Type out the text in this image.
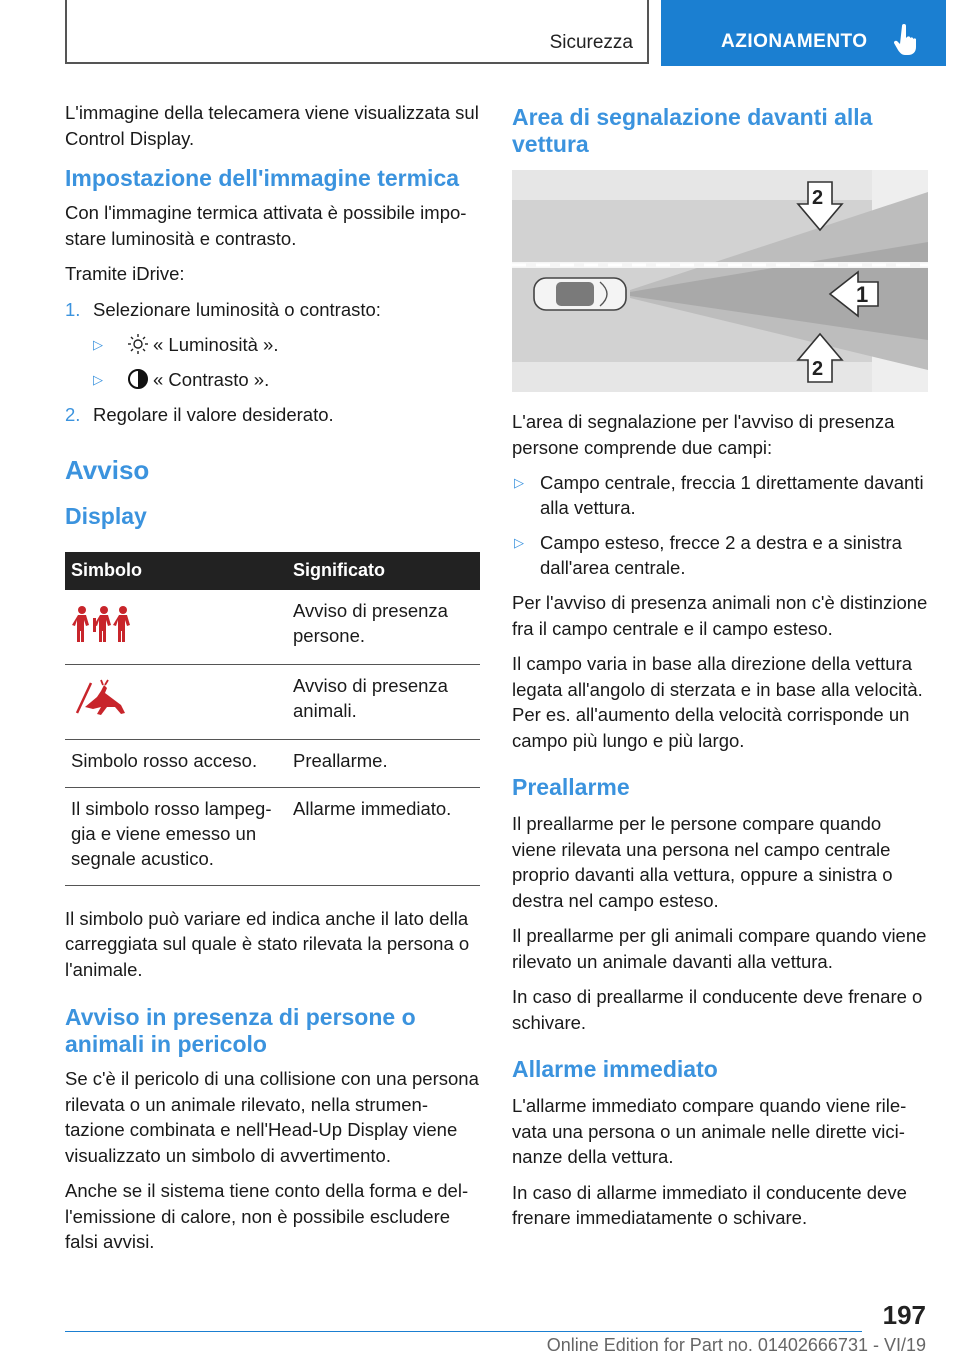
Sicurezza	AZIONAMENTO

L'immagine della telecamera viene visualizzata sul Control Display.

Impostazione dell'immagine termica

Con l'immagine termica attivata è possibile impostare luminosità e contrasto.

Tramite iDrive:

1. Selezionare luminosità o contrasto:
▷	« Luminosità ».
▷	« Contrasto ».
2. Regolare il valore desiderato.
Avviso
Display
Simbolo	Significato
	Avviso di presenza persone.
	Avviso di presenza animali.
Simbolo rosso acceso.	Preallarme.
Il simbolo rosso lampeggia e viene emesso un segnale acustico.	Allarme immediato.

Il simbolo può variare ed indica anche il lato della carreggiata sul quale è stato rilevata la persona o l'animale.

Avviso in presenza di persone o animali in pericolo

Se c'è il pericolo di una collisione con una persona rilevata o un animale rilevato, nella strumentazione combinata e nell'Head-Up Display viene visualizzato un simbolo di avvertimento.

Anche se il sistema tiene conto della forma e dell'emissione di calore, non è possibile escludere falsi avvisi.

Area di segnalazione davanti alla vettura
1
2
2

L'area di segnalazione per l'avviso di presenza persone comprende due campi:

▷ Campo centrale, freccia 1 direttamente davanti alla vettura.
▷ Campo esteso, frecce 2 a destra e a sinistra dall'area centrale.

Per l'avviso di presenza animali non c'è distinzione fra il campo centrale e il campo esteso.

Il campo varia in base alla direzione della vettura legata all'angolo di sterzata e in base alla velocità. Per es. all'aumento della velocità corrisponde un campo più lungo e più largo.

Preallarme

Il preallarme per le persone compare quando viene rilevata una persona nel campo centrale proprio davanti alla vettura, oppure a sinistra o destra nel campo esteso.

Il preallarme per gli animali compare quando viene rilevato un animale davanti alla vettura.

In caso di preallarme il conducente deve frenare o schivare.

Allarme immediato

L'allarme immediato compare quando viene rilevata una persona o un animale nelle dirette vicinanze della vettura.

In caso di allarme immediato il conducente deve frenare immediatamente o schivare.

197
Online Edition for Part no. 01402666731 - VI/19
